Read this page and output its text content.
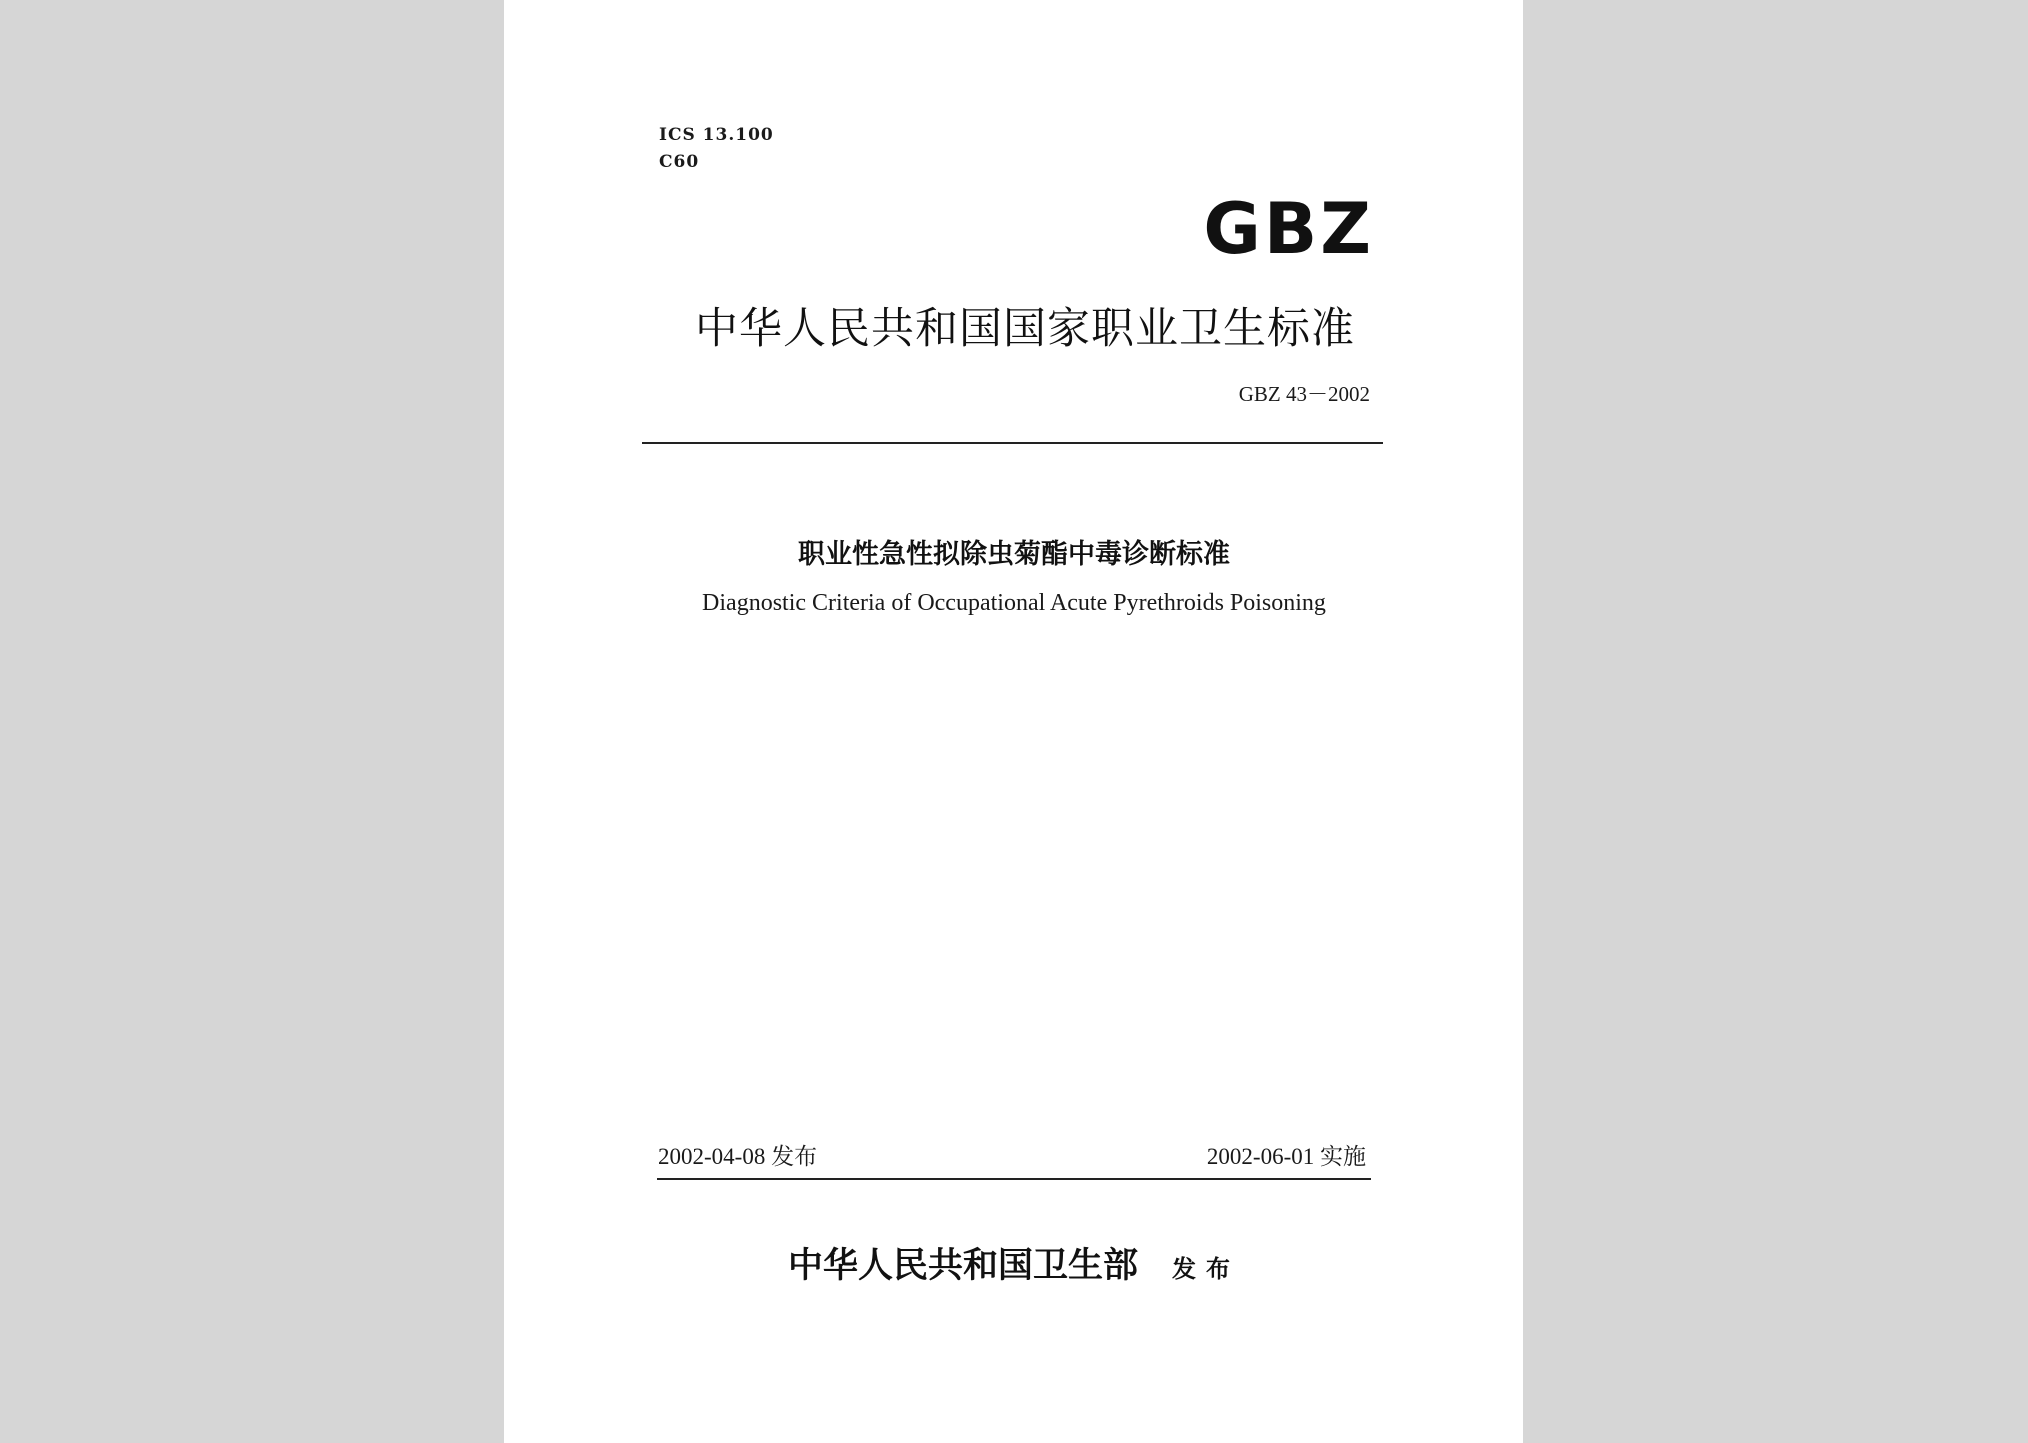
ICS 13.100
C60
GBZ
中华人民共和国国家职业卫生标准
GBZ 43－2002
职业性急性拟除虫菊酯中毒诊断标准
Diagnostic Criteria of Occupational Acute Pyrethroids Poisoning
2002-04-08 发布	2002-06-01 实施
中华人民共和国卫生部 发布
